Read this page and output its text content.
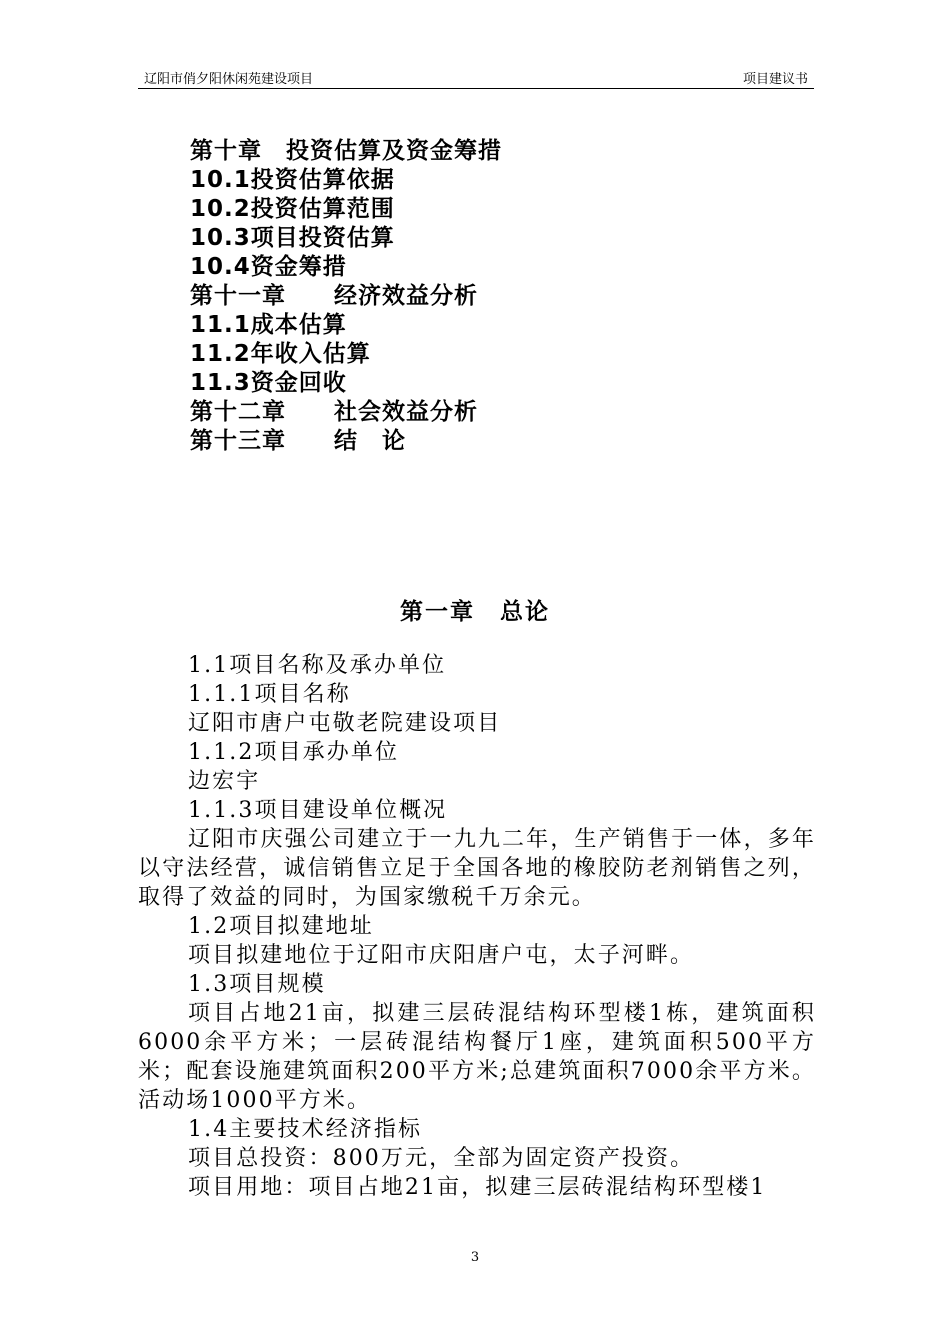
辽阳市俏夕阳休闲苑建设项目	项目建议书
第十章　投资估算及资金筹措
10.1投资估算依据
10.2投资估算范围
10.3项目投资估算
10.4资金筹措
第十一章　　经济效益分析
11.1成本估算
11.2年收入估算
11.3资金回收
第十二章　　社会效益分析
第十三章　　结　论
第一章　总论

1.1项目名称及承办单位

1.1.1项目名称

辽阳市唐户屯敬老院建设项目

1.1.2项目承办单位

边宏宇

1.1.3项目建设单位概况

辽阳市庆强公司建立于一九九二年，生产销售于一体，多年以守法经营，诚信销售立足于全国各地的橡胶防老剂销售之列，取得了效益的同时，为国家缴税千万余元。

1.2项目拟建地址

项目拟建地位于辽阳市庆阳唐户屯，太子河畔。

1.3项目规模

项目占地21亩，拟建三层砖混结构环型楼1栋，建筑面积6000余平方米；一层砖混结构餐厅1座，建筑面积500平方米；配套设施建筑面积200平方米;总建筑面积7000余平方米。活动场1000平方米。

1.4主要技术经济指标

项目总投资：800万元，全部为固定资产投资。

项目用地：项目占地21亩，拟建三层砖混结构环型楼1

3
